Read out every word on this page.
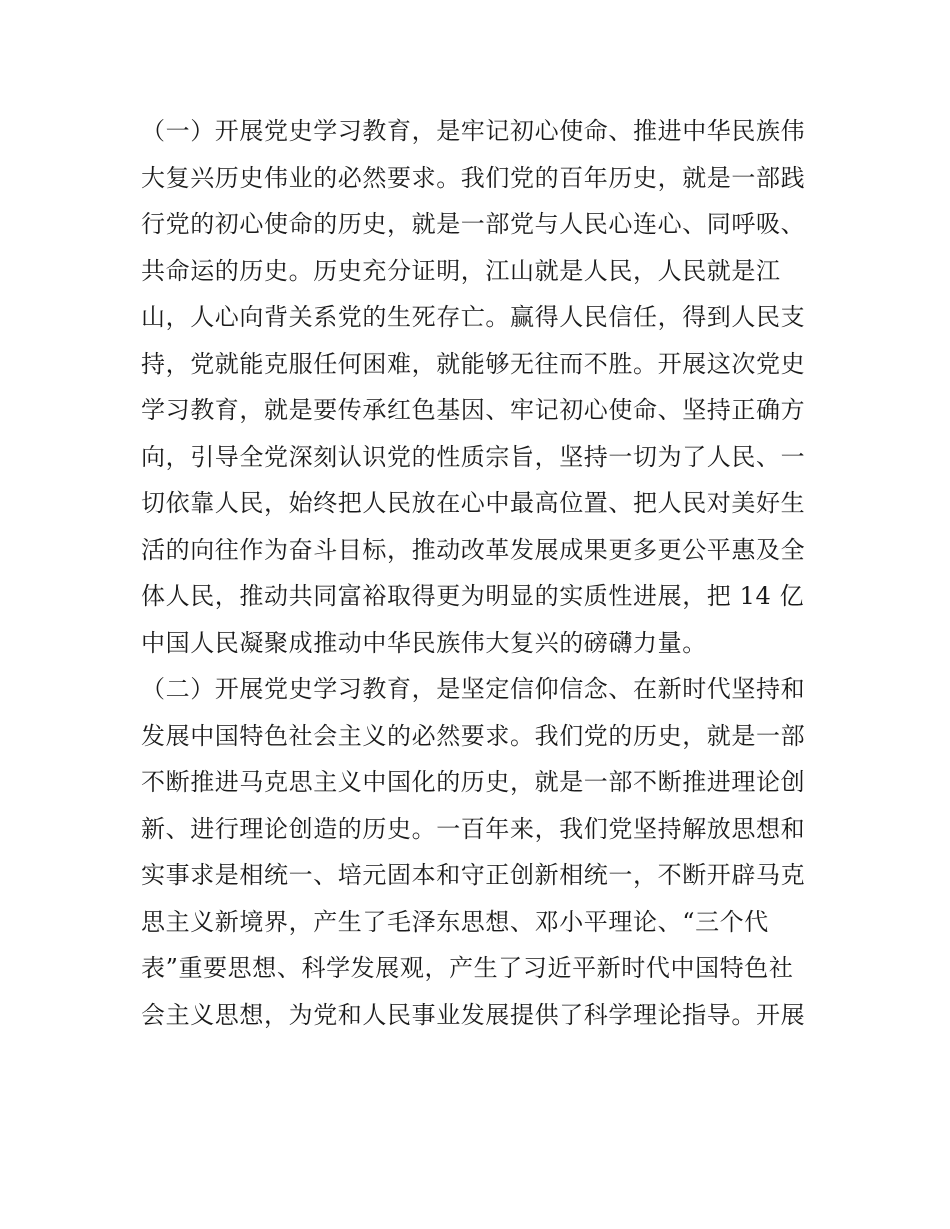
（一）开展党史学习教育，是牢记初心使命、推进中华民族伟
大复兴历史伟业的必然要求。我们党的百年历史，就是一部践
行党的初心使命的历史，就是一部党与人民心连心、同呼吸、
共命运的历史。历史充分证明，江山就是人民，人民就是江
山，人心向背关系党的生死存亡。赢得人民信任，得到人民支
持，党就能克服任何困难，就能够无往而不胜。开展这次党史
学习教育，就是要传承红色基因、牢记初心使命、坚持正确方
向，引导全党深刻认识党的性质宗旨，坚持一切为了人民、一
切依靠人民，始终把人民放在心中最高位置、把人民对美好生
活的向往作为奋斗目标，推动改革发展成果更多更公平惠及全
体人民，推动共同富裕取得更为明显的实质性进展，把 14 亿
中国人民凝聚成推动中华民族伟大复兴的磅礴力量。
（二）开展党史学习教育，是坚定信仰信念、在新时代坚持和
发展中国特色社会主义的必然要求。我们党的历史，就是一部
不断推进马克思主义中国化的历史，就是一部不断推进理论创
新、进行理论创造的历史。一百年来，我们党坚持解放思想和
实事求是相统一、培元固本和守正创新相统一，不断开辟马克
思主义新境界，产生了毛泽东思想、邓小平理论、“三个代
表”重要思想、科学发展观，产生了习近平新时代中国特色社
会主义思想，为党和人民事业发展提供了科学理论指导。开展
